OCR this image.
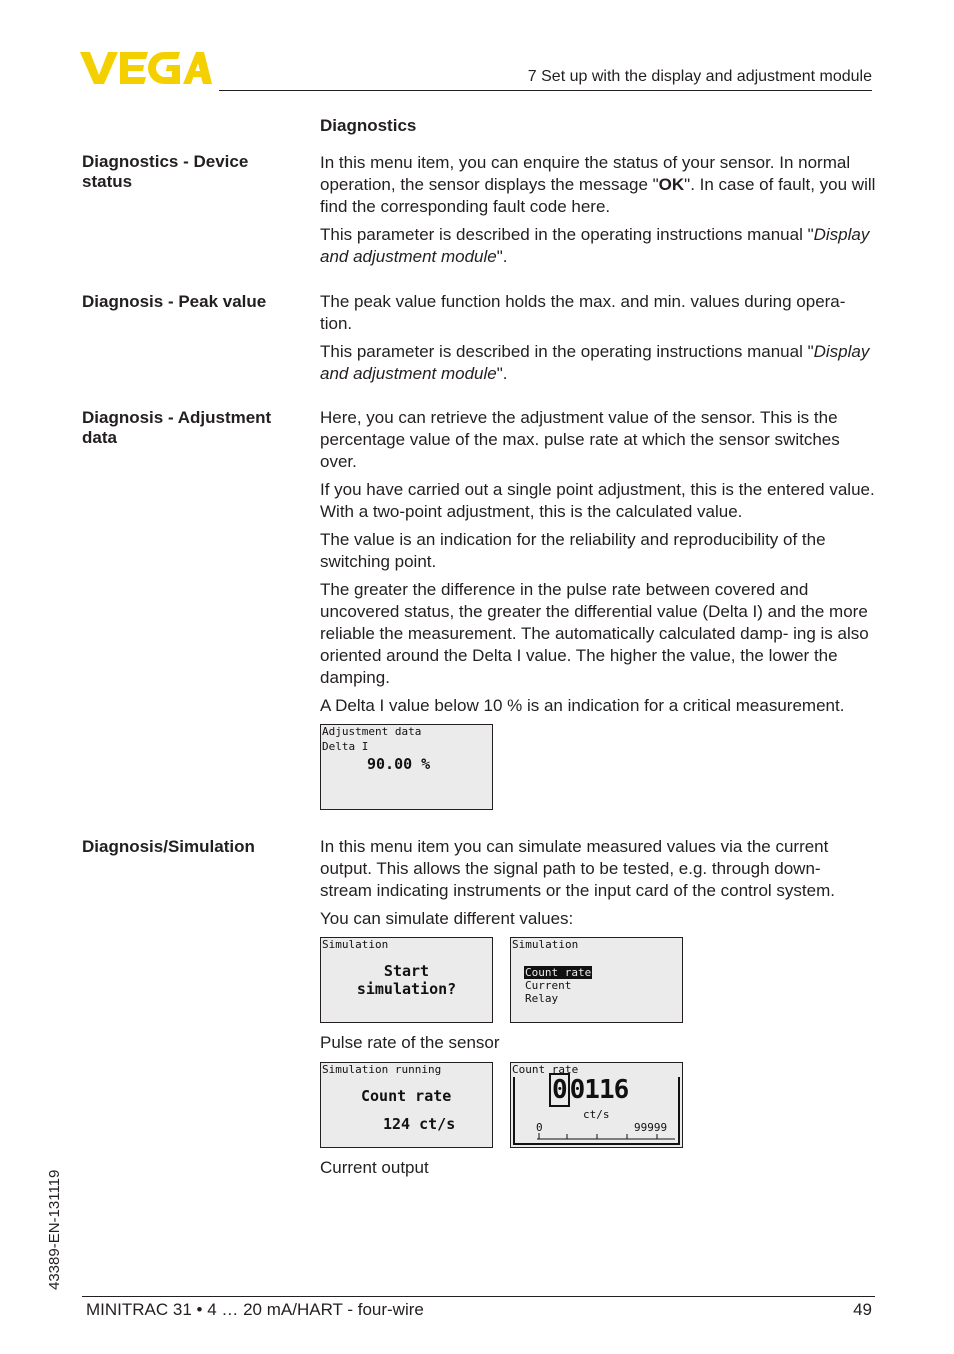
7 Set up with the display and adjustment module
Diagnostics
Diagnostics - Device status
In this menu item, you can enquire the status of your sensor. In normal operation, the sensor displays the message "OK". In case of fault, you will find the corresponding fault code here.
This parameter is described in the operating instructions manual "Display and adjustment module".
Diagnosis - Peak value	The peak value function holds the max. and min. values during opera- tion.
This parameter is described in the operating instructions manual "Display and adjustment module".
Diagnosis - Adjustment data
Here, you can retrieve the adjustment value of the sensor. This is the percentage value of the max. pulse rate at which the sensor switches over.
If you have carried out a single point adjustment, this is the entered value. With a two-point adjustment, this is the calculated value.
The value is an indication for the reliability and reproducibility of the switching point.
The greater the difference in the pulse rate between covered and uncovered status, the greater the differential value (Delta I) and the more reliable the measurement. The automatically calculated damp- ing is also oriented around the Delta I value. The higher the value, the lower the damping.
A Delta I value below 10 % is an indication for a critical measurement.
Adjustment data
Delta I
90.00 %
Diagnosis/Simulation	In this menu item you can simulate measured values via the current output. This allows the signal path to be tested, e.g. through down- stream indicating instruments or the input card of the control system.
You can simulate different values:
Simulation
Start
simulation?
Simulation
Count rate
Current
Relay
Pulse rate of the sensor
Simulation running
Count rate
124 ct/s
Count rate
0 0116
ct/s
0	99999
Current output
43389-EN-131119
MINITRAC 31 • 4 … 20 mA/HART - four-wire	49
